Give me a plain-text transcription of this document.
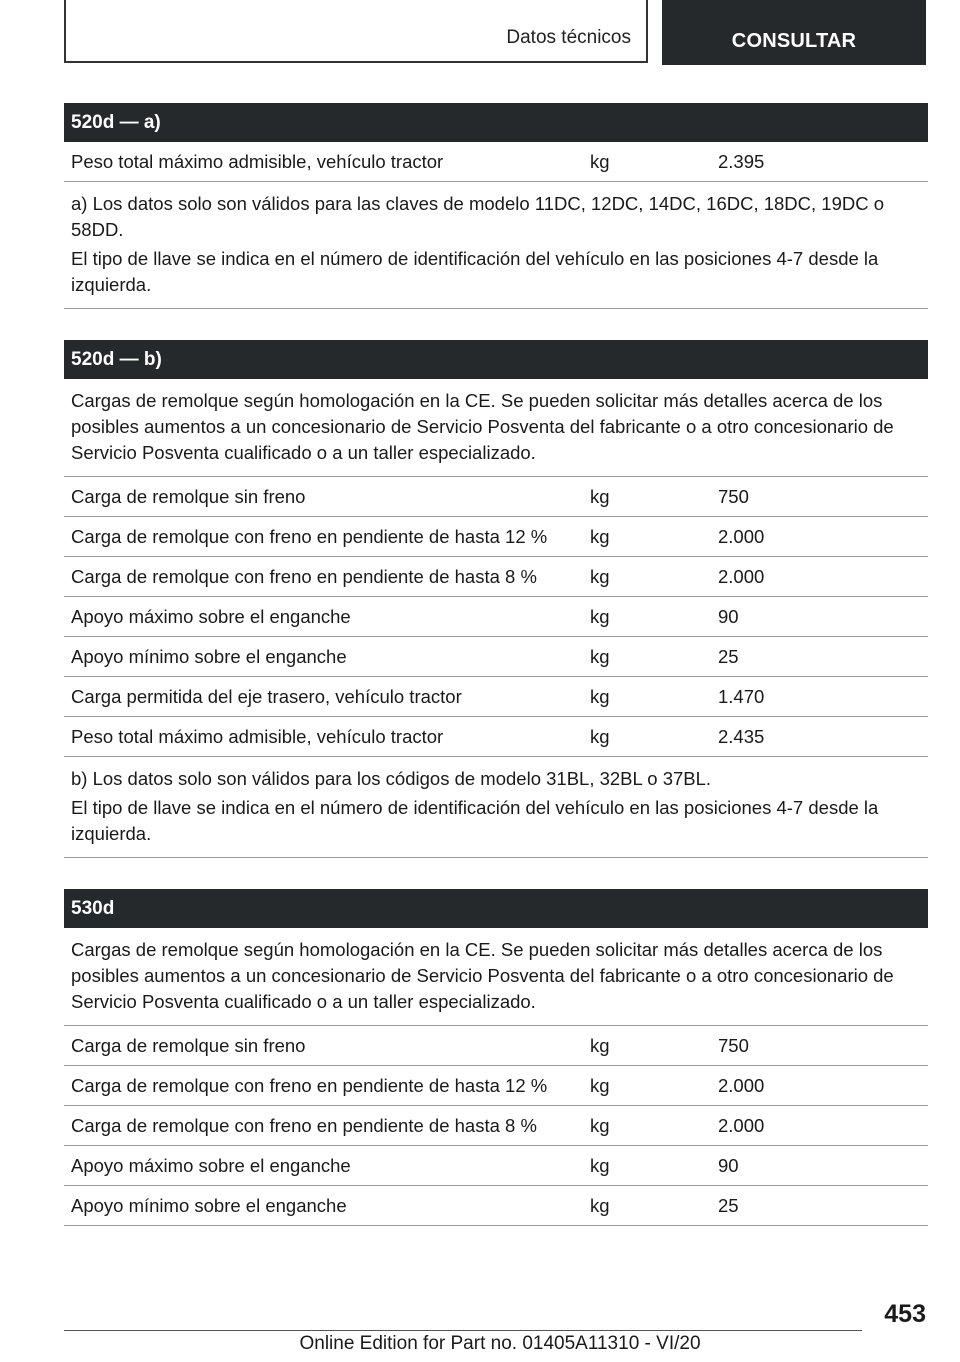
Datos técnicos	CONSULTAR
520d — a)
Peso total máximo admisible, vehículo tractor	kg	2.395

a) Los datos solo son válidos para las claves de modelo 11DC, 12DC, 14DC, 16DC, 18DC, 19DC o 58DD.

El tipo de llave se indica en el número de identificación del vehículo en las posiciones 4-7 desde la izquierda.

520d — b)

Cargas de remolque según homologación en la CE. Se pueden solicitar más detalles acerca de los posibles aumentos a un concesionario de Servicio Posventa del fabricante o a otro concesionario de Servicio Posventa cualificado o a un taller especializado.

Carga de remolque sin freno	kg	750
Carga de remolque con freno en pendiente de hasta 12 %	kg	2.000
Carga de remolque con freno en pendiente de hasta 8 %	kg	2.000
Apoyo máximo sobre el enganche	kg	90
Apoyo mínimo sobre el enganche	kg	25
Carga permitida del eje trasero, vehículo tractor	kg	1.470
Peso total máximo admisible, vehículo tractor	kg	2.435

b) Los datos solo son válidos para los códigos de modelo 31BL, 32BL o 37BL.

El tipo de llave se indica en el número de identificación del vehículo en las posiciones 4-7 desde la izquierda.

530d

Cargas de remolque según homologación en la CE. Se pueden solicitar más detalles acerca de los posibles aumentos a un concesionario de Servicio Posventa del fabricante o a otro concesionario de Servicio Posventa cualificado o a un taller especializado.

Carga de remolque sin freno	kg	750
Carga de remolque con freno en pendiente de hasta 12 %	kg	2.000
Carga de remolque con freno en pendiente de hasta 8 %	kg	2.000
Apoyo máximo sobre el enganche	kg	90
Apoyo mínimo sobre el enganche	kg	25
453
Online Edition for Part no. 01405A11310 - VI/20
